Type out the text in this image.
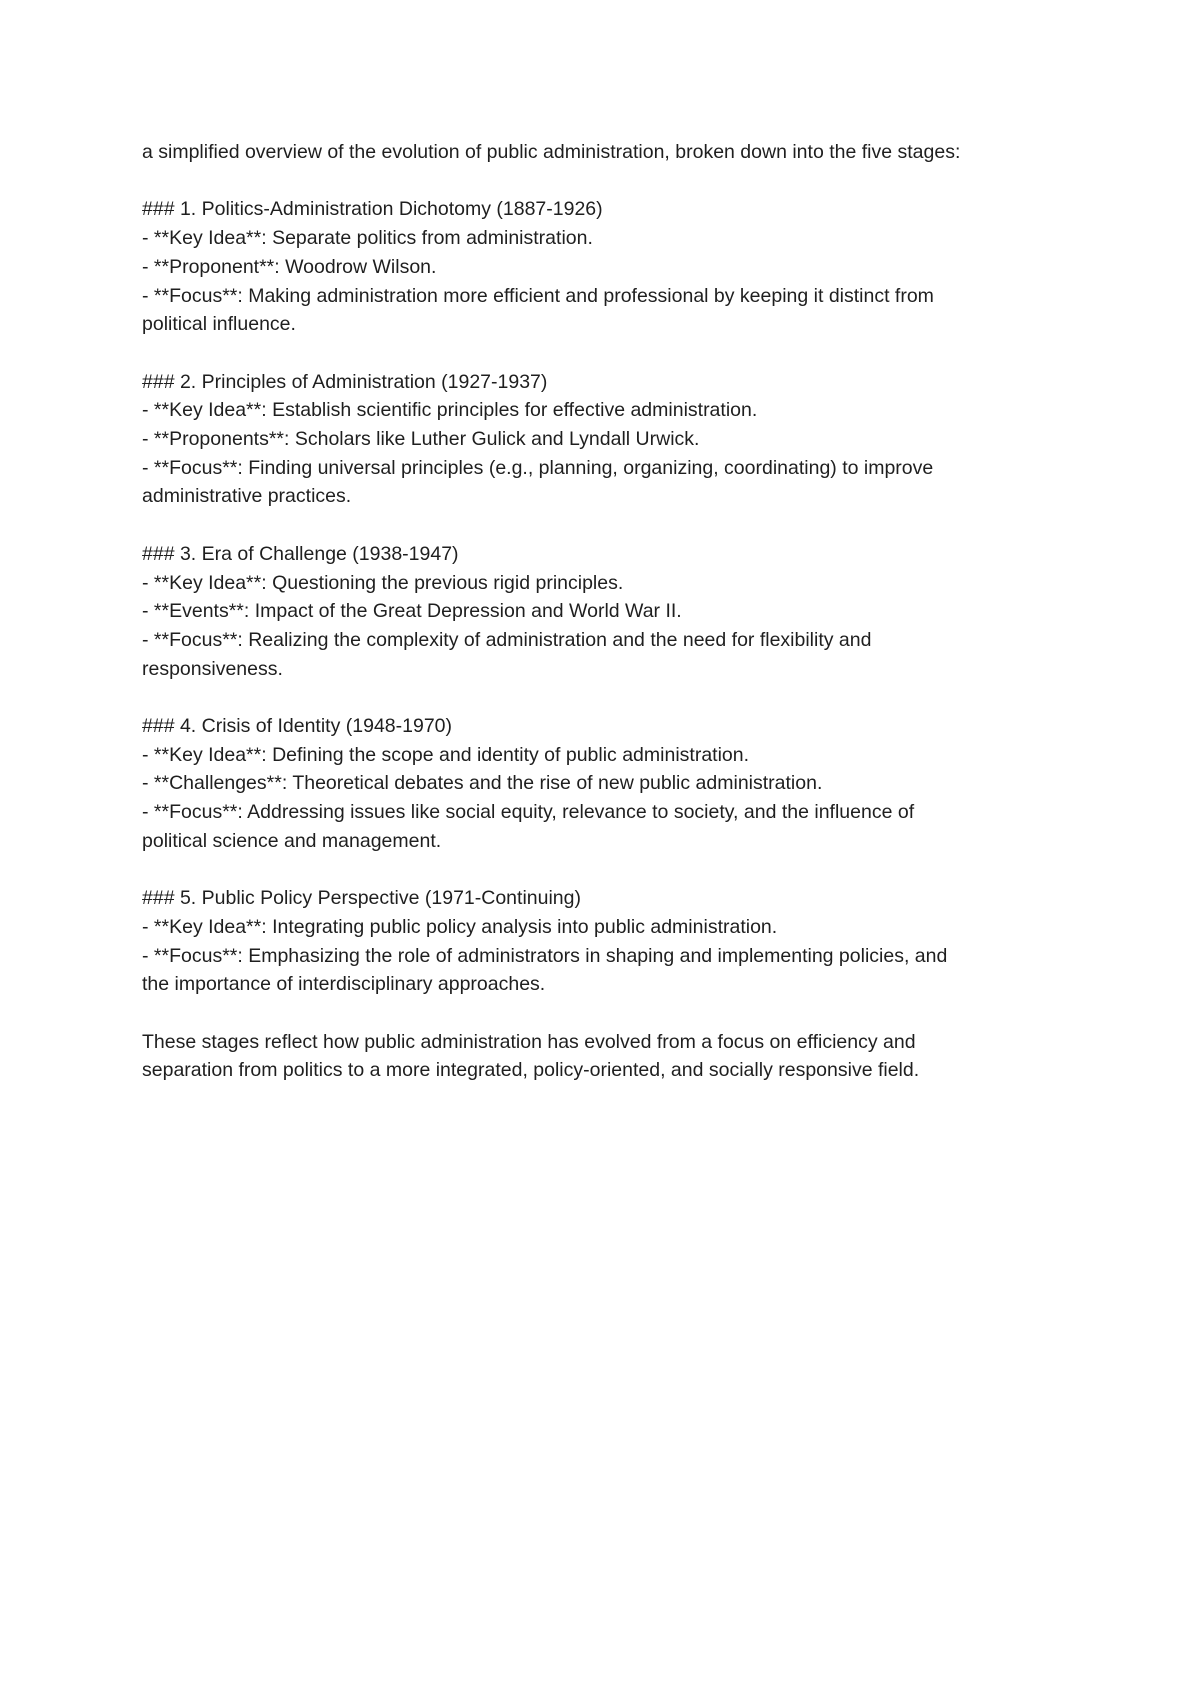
a simplified overview of the evolution of public administration, broken down into the five stages:

### 1. Politics-Administration Dichotomy (1887-1926)

- **Key Idea**: Separate politics from administration.

- **Proponent**: Woodrow Wilson.

- **Focus**: Making administration more efficient and professional by keeping it distinct from

political influence.

### 2. Principles of Administration (1927-1937)

- **Key Idea**: Establish scientific principles for effective administration.

- **Proponents**: Scholars like Luther Gulick and Lyndall Urwick.

- **Focus**: Finding universal principles (e.g., planning, organizing, coordinating) to improve

administrative practices.

### 3. Era of Challenge (1938-1947)

- **Key Idea**: Questioning the previous rigid principles.

- **Events**: Impact of the Great Depression and World War II.

- **Focus**: Realizing the complexity of administration and the need for flexibility and

responsiveness.

### 4. Crisis of Identity (1948-1970)

- **Key Idea**: Defining the scope and identity of public administration.

- **Challenges**: Theoretical debates and the rise of new public administration.

- **Focus**: Addressing issues like social equity, relevance to society, and the influence of

political science and management.

### 5. Public Policy Perspective (1971-Continuing)

- **Key Idea**: Integrating public policy analysis into public administration.

- **Focus**: Emphasizing the role of administrators in shaping and implementing policies, and

the importance of interdisciplinary approaches.

These stages reflect how public administration has evolved from a focus on efficiency and

separation from politics to a more integrated, policy-oriented, and socially responsive field.
